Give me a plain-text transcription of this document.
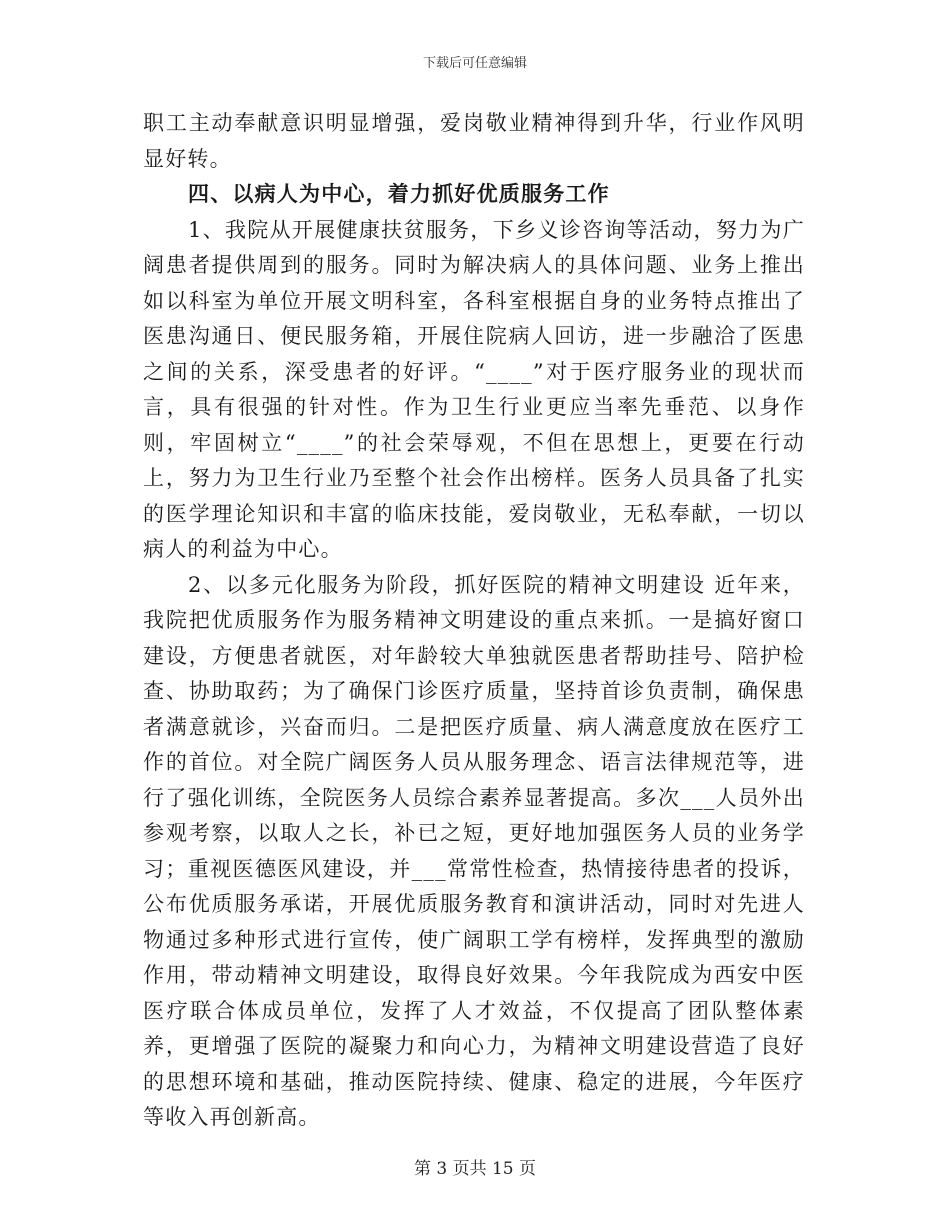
下载后可任意编辑

职工主动奉献意识明显增强，爱岗敬业精神得到升华，行业作风明显好转。

四、以病人为中心，着力抓好优质服务工作

1、我院从开展健康扶贫服务，下乡义诊咨询等活动，努力为广阔患者提供周到的服务。同时为解决病人的具体问题、业务上推出如以科室为单位开展文明科室，各科室根据自身的业务特点推出了医患沟通日、便民服务箱，开展住院病人回访，进一步融洽了医患之间的关系，深受患者的好评。“____”对于医疗服务业的现状而言，具有很强的针对性。作为卫生行业更应当率先垂范、以身作则，牢固树立“____”的社会荣辱观，不但在思想上，更要在行动上，努力为卫生行业乃至整个社会作出榜样。医务人员具备了扎实的医学理论知识和丰富的临床技能，爱岗敬业，无私奉献，一切以病人的利益为中心。

2、以多元化服务为阶段，抓好医院的精神文明建设 近年来，我院把优质服务作为服务精神文明建设的重点来抓。一是搞好窗口建设，方便患者就医，对年龄较大单独就医患者帮助挂号、陪护检查、协助取药；为了确保门诊医疗质量，坚持首诊负责制，确保患者满意就诊，兴奋而归。二是把医疗质量、病人满意度放在医疗工作的首位。对全院广阔医务人员从服务理念、语言法律规范等，进行了强化训练，全院医务人员综合素养显著提高。多次___人员外出参观考察，以取人之长，补已之短，更好地加强医务人员的业务学习；重视医德医风建设，并___常常性检查，热情接待患者的投诉，公布优质服务承诺，开展优质服务教育和演讲活动，同时对先进人物通过多种形式进行宣传，使广阔职工学有榜样，发挥典型的激励作用，带动精神文明建设，取得良好效果。今年我院成为西安中医医疗联合体成员单位，发挥了人才效益，不仅提高了团队整体素养，更增强了医院的凝聚力和向心力，为精神文明建设营造了良好的思想环境和基础，推动医院持续、健康、稳定的进展，今年医疗等收入再创新高。

第 3 页共 15 页
